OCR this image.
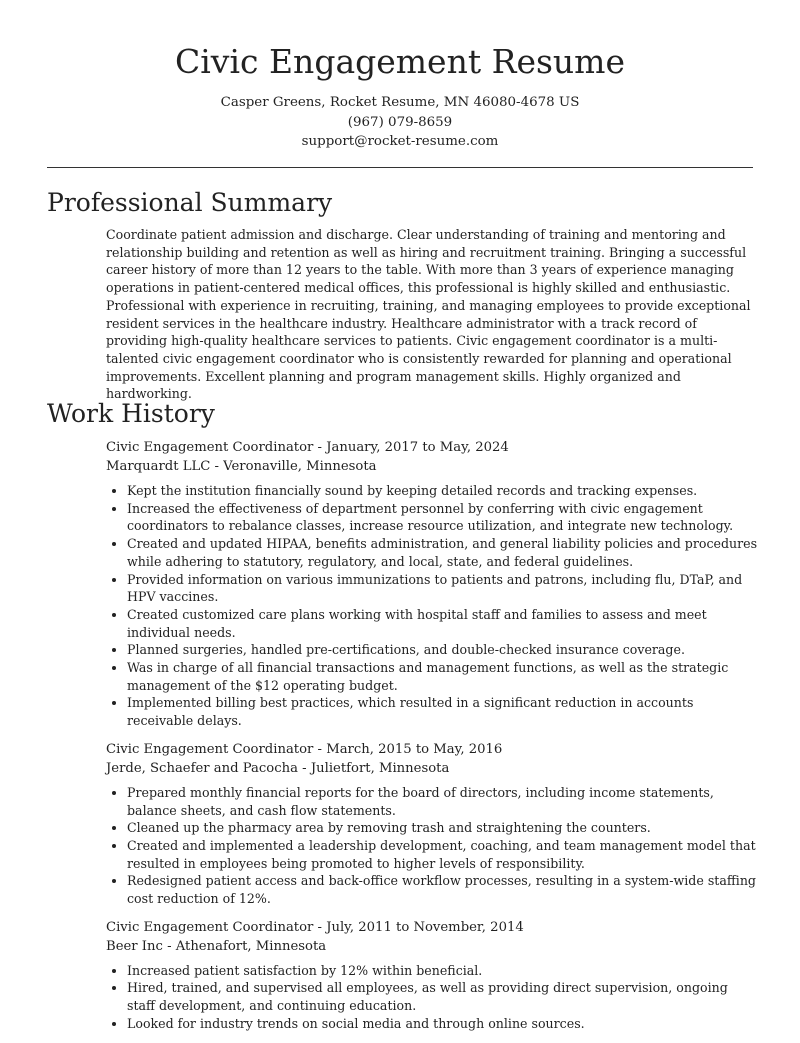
Civic Engagement Resume
Casper Greens, Rocket Resume, MN 46080-4678 US
(967) 079-8659
support@rocket-resume.com
Professional Summary

Coordinate patient admission and discharge. Clear understanding of training and mentoring and relationship building and retention as well as hiring and recruitment training. Bringing a successful career history of more than 12 years to the table. With more than 3 years of experience managing operations in patient-centered medical offices, this professional is highly skilled and enthusiastic. Professional with experience in recruiting, training, and managing employees to provide exceptional resident services in the healthcare industry. Healthcare administrator with a track record of providing high-quality healthcare services to patients. Civic engagement coordinator is a multi-talented civic engagement coordinator who is consistently rewarded for planning and operational improvements. Excellent planning and program management skills. Highly organized and hardworking.

Work History
Civic Engagement Coordinator - January, 2017 to May, 2024
Marquardt LLC - Veronaville, Minnesota
• Kept the institution financially sound by keeping detailed records and tracking expenses.
• Increased the effectiveness of department personnel by conferring with civic engagement coordinators to rebalance classes, increase resource utilization, and integrate new technology.
• Created and updated HIPAA, benefits administration, and general liability policies and procedures while adhering to statutory, regulatory, and local, state, and federal guidelines.
• Provided information on various immunizations to patients and patrons, including flu, DTaP, and HPV vaccines.
• Created customized care plans working with hospital staff and families to assess and meet individual needs.
• Planned surgeries, handled pre-certifications, and double-checked insurance coverage.
• Was in charge of all financial transactions and management functions, as well as the strategic management of the $12 operating budget.
• Implemented billing best practices, which resulted in a significant reduction in accounts receivable delays.
Civic Engagement Coordinator - March, 2015 to May, 2016
Jerde, Schaefer and Pacocha - Julietfort, Minnesota
• Prepared monthly financial reports for the board of directors, including income statements, balance sheets, and cash flow statements.
• Cleaned up the pharmacy area by removing trash and straightening the counters.
• Created and implemented a leadership development, coaching, and team management model that resulted in employees being promoted to higher levels of responsibility.
• Redesigned patient access and back-office workflow processes, resulting in a system-wide staffing cost reduction of 12%.
Civic Engagement Coordinator - July, 2011 to November, 2014
Beer Inc - Athenafort, Minnesota
• Increased patient satisfaction by 12% within beneficial.
• Hired, trained, and supervised all employees, as well as providing direct supervision, ongoing staff development, and continuing education.
• Looked for industry trends on social media and through online sources.
